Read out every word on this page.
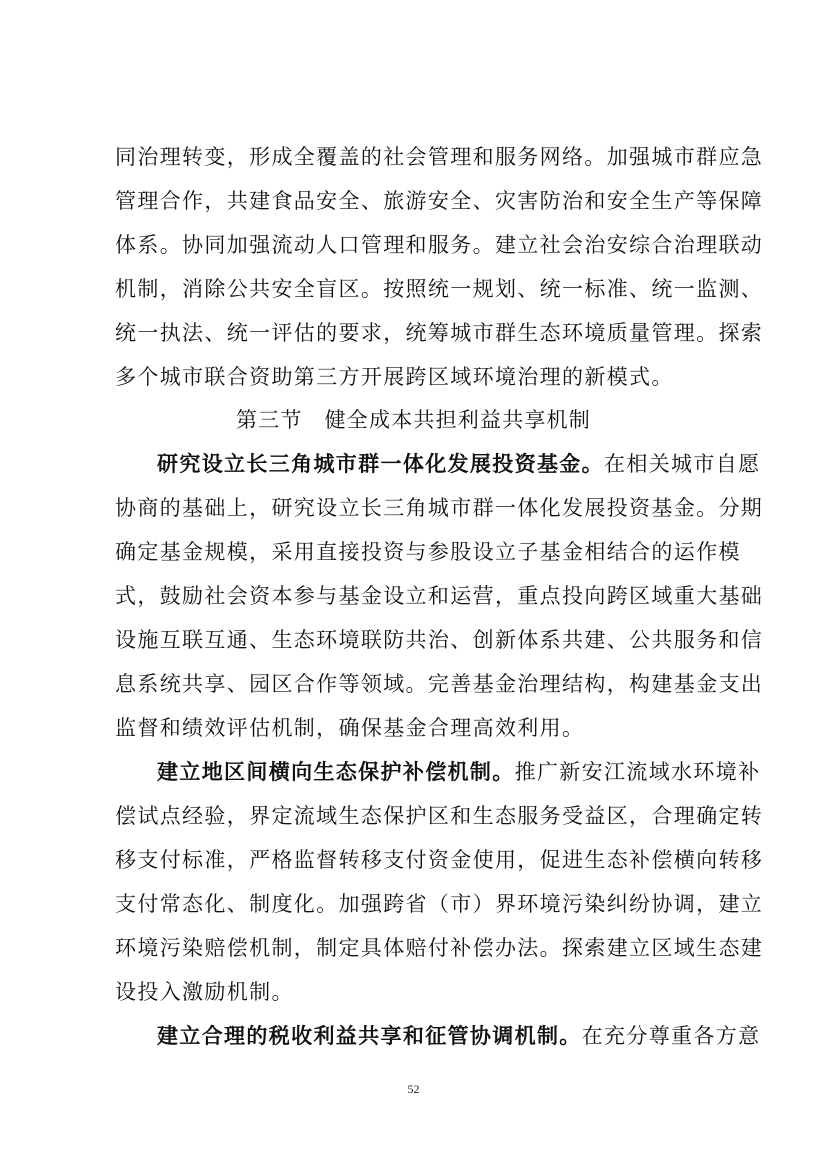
同治理转变，形成全覆盖的社会管理和服务网络。加强城市群应急
管理合作，共建食品安全、旅游安全、灾害防治和安全生产等保障
体系。协同加强流动人口管理和服务。建立社会治安综合治理联动
机制，消除公共安全盲区。按照统一规划、统一标准、统一监测、
统一执法、统一评估的要求，统筹城市群生态环境质量管理。探索
多个城市联合资助第三方开展跨区域环境治理的新模式。
第三节 健全成本共担利益共享机制
研究设立长三角城市群一体化发展投资基金。在相关城市自愿
协商的基础上，研究设立长三角城市群一体化发展投资基金。分期
确定基金规模，采用直接投资与参股设立子基金相结合的运作模
式，鼓励社会资本参与基金设立和运营，重点投向跨区域重大基础
设施互联互通、生态环境联防共治、创新体系共建、公共服务和信
息系统共享、园区合作等领域。完善基金治理结构，构建基金支出
监督和绩效评估机制，确保基金合理高效利用。
建立地区间横向生态保护补偿机制。推广新安江流域水环境补
偿试点经验，界定流域生态保护区和生态服务受益区，合理确定转
移支付标准，严格监督转移支付资金使用，促进生态补偿横向转移
支付常态化、制度化。加强跨省（市）界环境污染纠纷协调，建立
环境污染赔偿机制，制定具体赔付补偿办法。探索建立区域生态建
设投入激励机制。
建立合理的税收利益共享和征管协调机制。在充分尊重各方意
52
